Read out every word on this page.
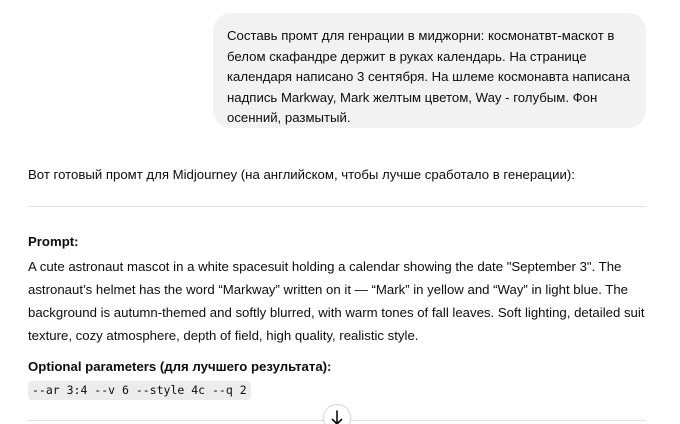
Составь промт для генрации в миджорни: космонатвт-маскот в белом скафандре держит в руках календарь. На странице календаря написано 3 сентября. На шлеме космонавта написана надпись Markway, Mark желтым цветом, Way - голубым. Фон осенний, размытый.
Вот готовый промт для Midjourney (на английском, чтобы лучше сработало в генерации):
Prompt:
A cute astronaut mascot in a white spacesuit holding a calendar showing the date "September 3". The astronaut’s helmet has the word “Markway” written on it — “Mark” in yellow and “Way” in light blue. The background is autumn-themed and softly blurred, with warm tones of fall leaves. Soft lighting, detailed suit texture, cozy atmosphere, depth of field, high quality, realistic style.
Optional parameters (для лучшего результата):
--ar 3:4 --v 6 --style 4c --q 2
